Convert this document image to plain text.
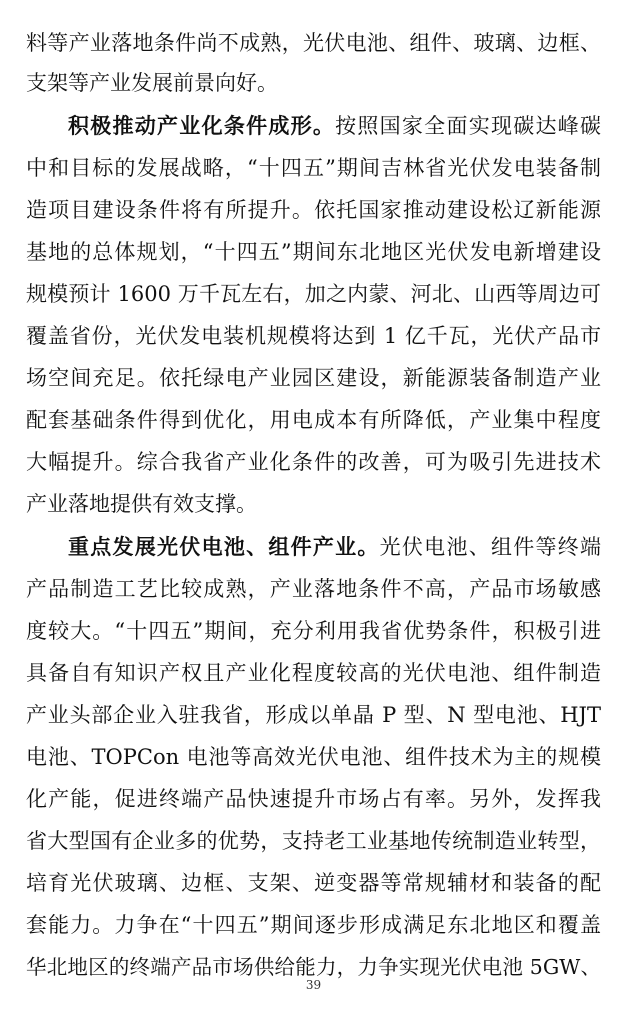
料等产业落地条件尚不成熟，光伏电池、组件、玻璃、边框、
支架等产业发展前景向好。
积极推动产业化条件成形。按照国家全面实现碳达峰碳
中和目标的发展战略，“十四五”期间吉林省光伏发电装备制
造项目建设条件将有所提升。依托国家推动建设松辽新能源
基地的总体规划，“十四五”期间东北地区光伏发电新增建设
规模预计 1600 万千瓦左右，加之内蒙、河北、山西等周边可
覆盖省份，光伏发电装机规模将达到 1 亿千瓦，光伏产品市
场空间充足。依托绿电产业园区建设，新能源装备制造产业
配套基础条件得到优化，用电成本有所降低，产业集中程度
大幅提升。综合我省产业化条件的改善，可为吸引先进技术
产业落地提供有效支撑。
重点发展光伏电池、组件产业。光伏电池、组件等终端
产品制造工艺比较成熟，产业落地条件不高，产品市场敏感
度较大。“十四五”期间，充分利用我省优势条件，积极引进
具备自有知识产权且产业化程度较高的光伏电池、组件制造
产业头部企业入驻我省，形成以单晶 P 型、N 型电池、HJT
电池、TOPCon 电池等高效光伏电池、组件技术为主的规模
化产能，促进终端产品快速提升市场占有率。另外，发挥我
省大型国有企业多的优势，支持老工业基地传统制造业转型，
培育光伏玻璃、边框、支架、逆变器等常规辅材和装备的配
套能力。力争在“十四五”期间逐步形成满足东北地区和覆盖
华北地区的终端产品市场供给能力，力争实现光伏电池 5GW、
39
